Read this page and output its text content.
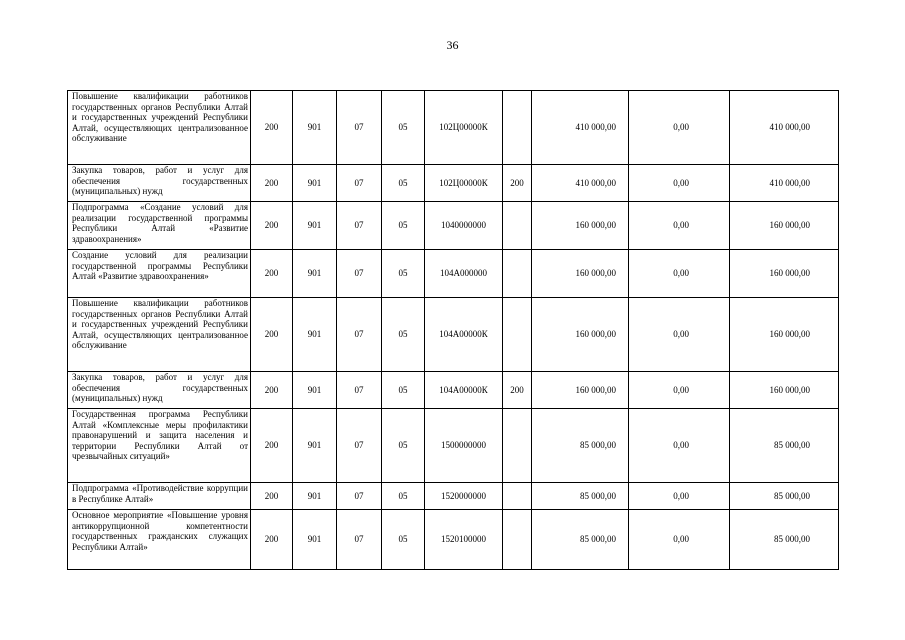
36
Повышение квалификации работников государственных органов Республики Алтай и государственных учреждений Республики Алтай, осуществляющих централизованное обслуживание	200	901	07	05	102Ц00000К		410 000,00	0,00	410 000,00
Закупка товаров, работ и услуг для обеспечения государственных (муниципальных) нужд	200	901	07	05	102Ц00000К	200	410 000,00	0,00	410 000,00
Подпрограмма «Создание условий для реализации государственной программы Республики Алтай «Развитие здравоохранения»	200	901	07	05	1040000000		160 000,00	0,00	160 000,00
Создание условий для реализации государственной программы Республики Алтай «Развитие здравоохранения»	200	901	07	05	104А000000		160 000,00	0,00	160 000,00
Повышение квалификации работников государственных органов Республики Алтай и государственных учреждений Республики Алтай, осуществляющих централизованное обслуживание	200	901	07	05	104А00000К		160 000,00	0,00	160 000,00
Закупка товаров, работ и услуг для обеспечения государственных (муниципальных) нужд	200	901	07	05	104А00000К	200	160 000,00	0,00	160 000,00
Государственная программа Республики Алтай «Комплексные меры профилактики правонарушений и защита населения и территории Республики Алтай от чрезвычайных ситуаций»	200	901	07	05	1500000000		85 000,00	0,00	85 000,00
Подпрограмма «Противодействие коррупции в Республике Алтай»	200	901	07	05	1520000000		85 000,00	0,00	85 000,00
Основное мероприятие «Повышение уровня антикоррупционной компетентности государственных гражданских служащих Республики Алтай»	200	901	07	05	1520100000		85 000,00	0,00	85 000,00
